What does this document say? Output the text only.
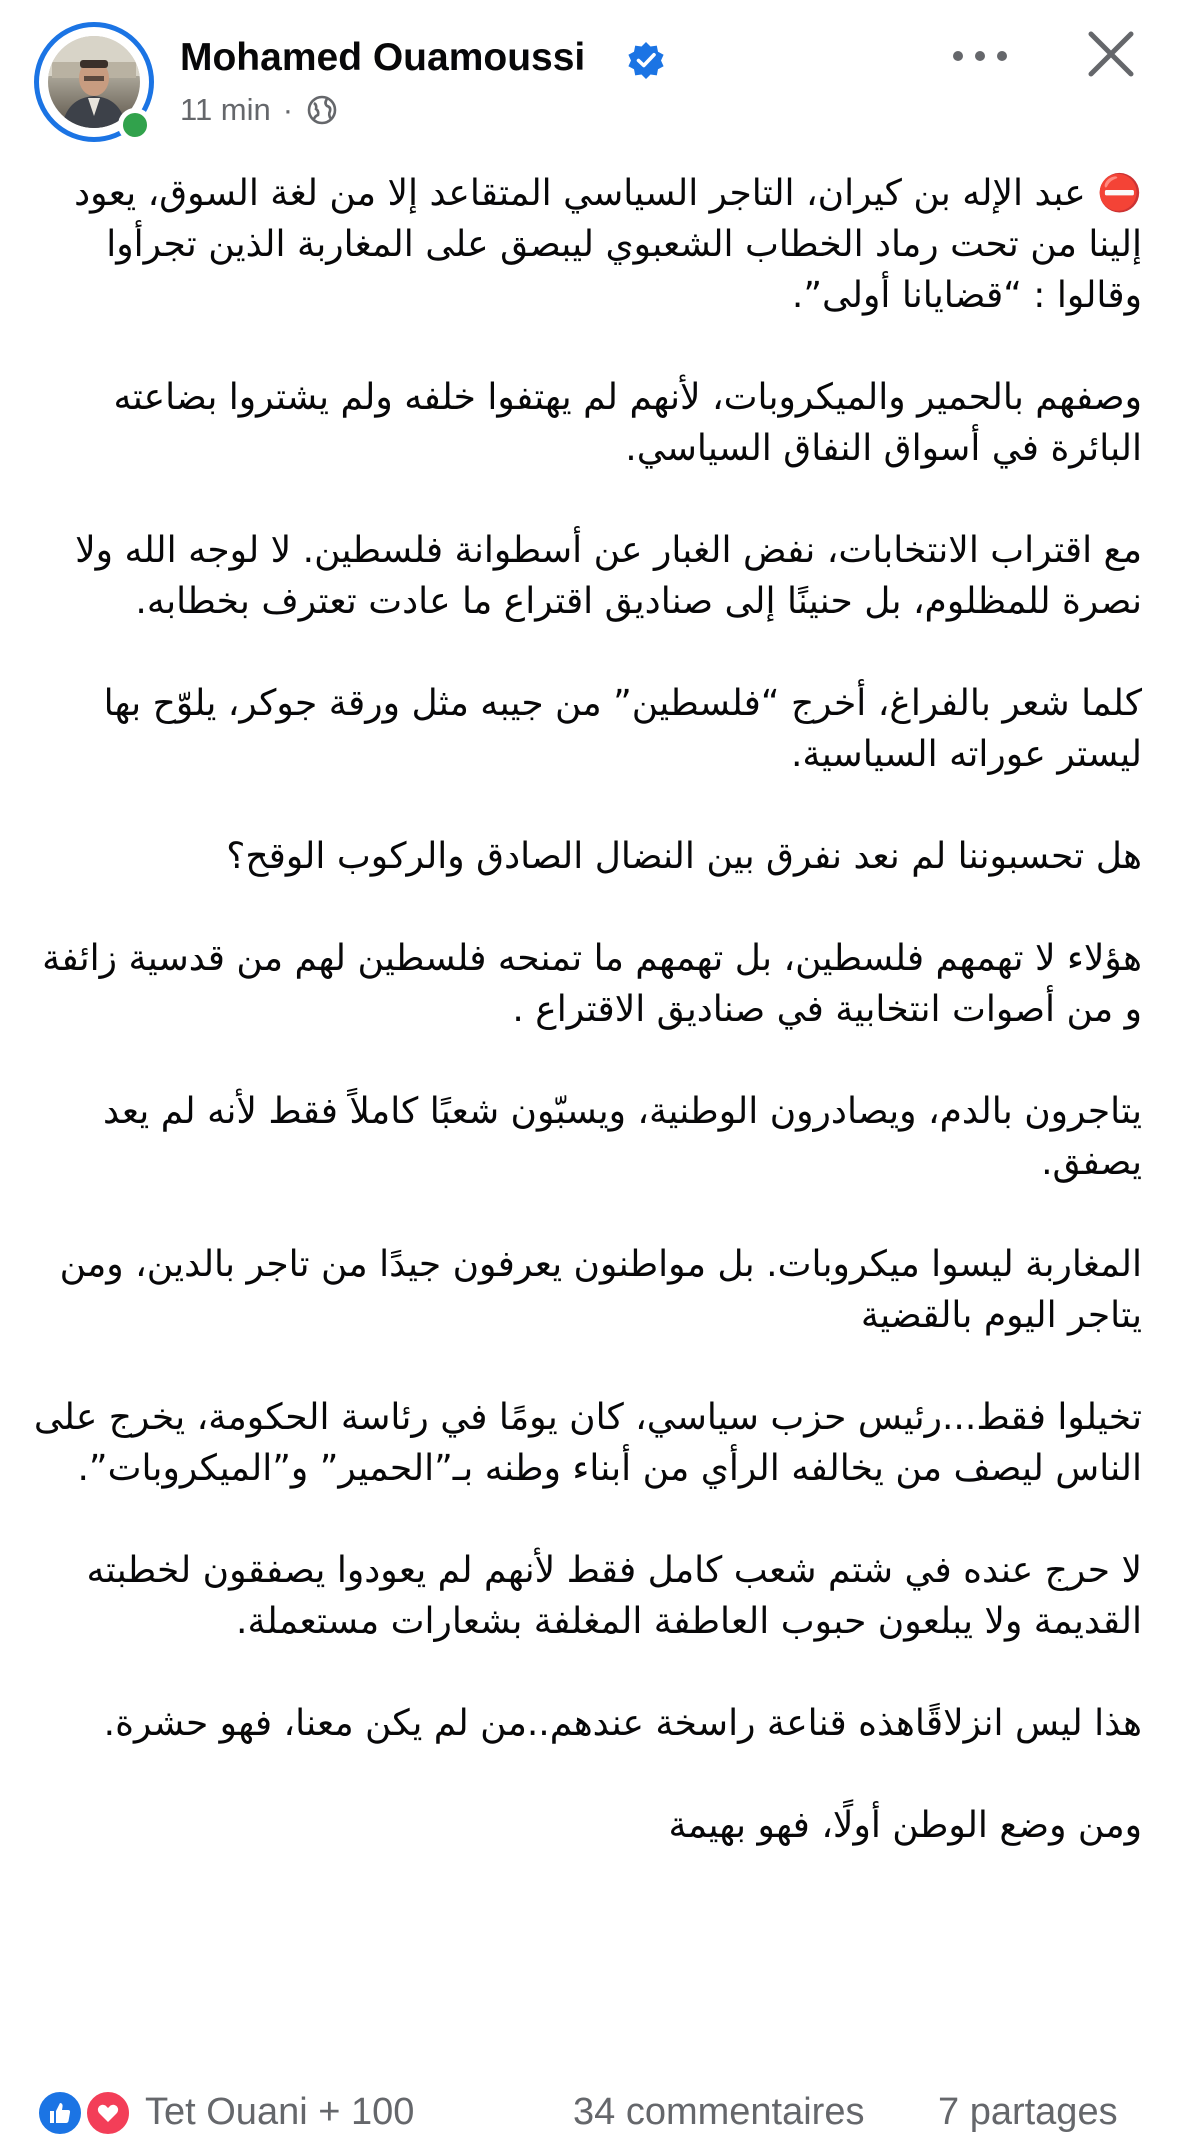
Mohamed Ouamoussi
11 min ·

⛔ عبد الإله بن كيران، التاجر السياسي المتقاعد إلا من لغة السوق، يعود إلينا من تحت رماد الخطاب الشعبوي ليبصق على المغاربة الذين تجرأوا وقالوا : “قضايانا أولى”.

وصفهم بالحمير والميكروبات، لأنهم لم يهتفوا خلفه ولم يشتروا بضاعته البائرة في أسواق النفاق السياسي.

مع اقتراب الانتخابات، نفض الغبار عن أسطوانة فلسطين. لا لوجه الله ولا نصرة للمظلوم، بل حنينًا إلى صناديق اقتراع ما عادت تعترف بخطابه.

كلما شعر بالفراغ، أخرج “فلسطين” من جيبه مثل ورقة جوكر، يلوّح بها ليستر عوراته السياسية.

هل تحسبوننا لم نعد نفرق بين النضال الصادق والركوب الوقح؟

هؤلاء لا تهمهم فلسطين، بل تهمهم ما تمنحه فلسطين لهم من قدسية زائفة و من أصوات انتخابية في صناديق الاقتراع .

يتاجرون بالدم، ويصادرون الوطنية، ويسبّون شعبًا كاملاً فقط لأنه لم يعد يصفق.

المغاربة ليسوا ميكروبات. بل مواطنون يعرفون جيدًا من تاجر بالدين، ومن يتاجر اليوم بالقضية

تخيلوا فقط...رئيس حزب سياسي، كان يومًا في رئاسة الحكومة، يخرج على الناس ليصف من يخالفه الرأي من أبناء وطنه بـ”الحمير” و”الميكروبات”.

لا حرج عنده في شتم شعب كامل فقط لأنهم لم يعودوا يصفقون لخطبته القديمة ولا يبلعون حبوب العاطفة المغلفة بشعارات مستعملة.

هذا ليس انزلاقًاهذه قناعة راسخة عندهم..من لم يكن معنا، فهو حشرة.

ومن وضع الوطن أولًا، فهو بهيمة

Tet Ouani + 100	34 commentaires 7 partages
